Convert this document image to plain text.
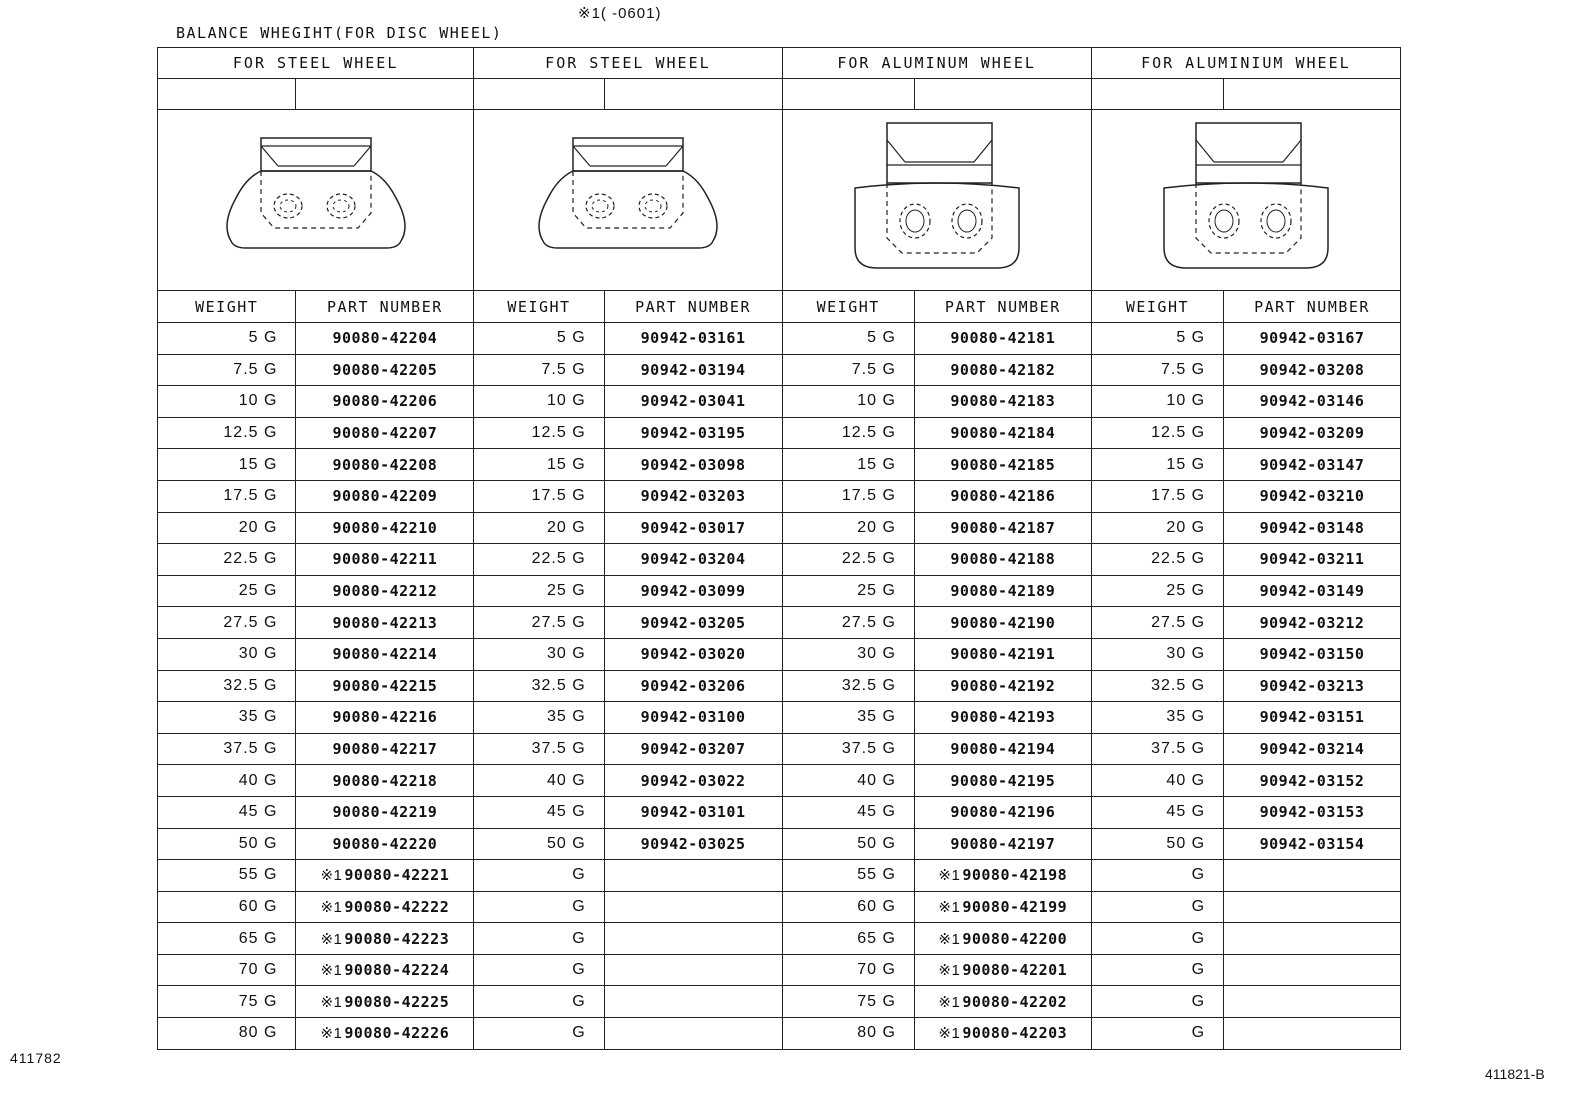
※1( -0601)
BALANCE WHEGIHT(FOR DISC WHEEL)
FOR STEEL WHEEL		FOR STEEL WHEEL		FOR ALUMINUM WHEEL		FOR ALUMINIUM WHEEL	

WEIGHT	PART NUMBER	WEIGHT	PART NUMBER	WEIGHT	PART NUMBER	WEIGHT	PART NUMBER
5 G	90080-42204	5 G	90942-03161	5 G	90080-42181	5 G	90942-03167
7.5 G	90080-42205	7.5 G	90942-03194	7.5 G	90080-42182	7.5 G	90942-03208
10 G	90080-42206	10 G	90942-03041	10 G	90080-42183	10 G	90942-03146
12.5 G	90080-42207	12.5 G	90942-03195	12.5 G	90080-42184	12.5 G	90942-03209
15 G	90080-42208	15 G	90942-03098	15 G	90080-42185	15 G	90942-03147
17.5 G	90080-42209	17.5 G	90942-03203	17.5 G	90080-42186	17.5 G	90942-03210
20 G	90080-42210	20 G	90942-03017	20 G	90080-42187	20 G	90942-03148
22.5 G	90080-42211	22.5 G	90942-03204	22.5 G	90080-42188	22.5 G	90942-03211
25 G	90080-42212	25 G	90942-03099	25 G	90080-42189	25 G	90942-03149
27.5 G	90080-42213	27.5 G	90942-03205	27.5 G	90080-42190	27.5 G	90942-03212
30 G	90080-42214	30 G	90942-03020	30 G	90080-42191	30 G	90942-03150
32.5 G	90080-42215	32.5 G	90942-03206	32.5 G	90080-42192	32.5 G	90942-03213
35 G	90080-42216	35 G	90942-03100	35 G	90080-42193	35 G	90942-03151
37.5 G	90080-42217	37.5 G	90942-03207	37.5 G	90080-42194	37.5 G	90942-03214
40 G	90080-42218	40 G	90942-03022	40 G	90080-42195	40 G	90942-03152
45 G	90080-42219	45 G	90942-03101	45 G	90080-42196	45 G	90942-03153
50 G	90080-42220	50 G	90942-03025	50 G	90080-42197	50 G	90942-03154
55 G	※1 90080-42221	G		55 G	※1 90080-42198	G	
60 G	※1 90080-42222	G		60 G	※1 90080-42199	G	
65 G	※1 90080-42223	G		65 G	※1 90080-42200	G	
70 G	※1 90080-42224	G		70 G	※1 90080-42201	G	
75 G	※1 90080-42225	G		75 G	※1 90080-42202	G	
80 G	※1 90080-42226	G		80 G	※1 90080-42203	G	
411782
411821-B
